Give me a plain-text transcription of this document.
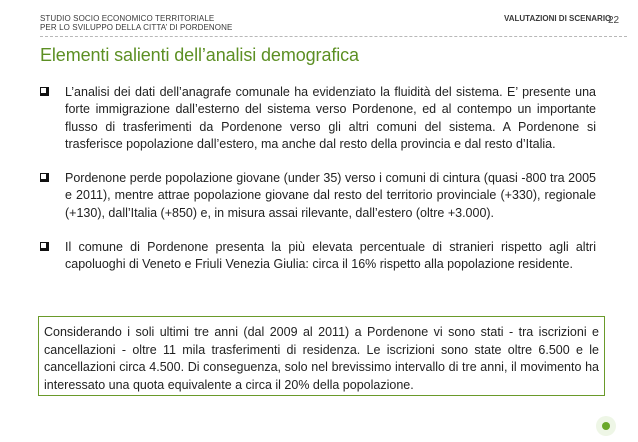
STUDIO SOCIO ECONOMICO TERRITORIALE
PER LO SVILUPPO DELLA CITTA’ DI PORDENONE
VALUTAZIONI DI SCENARIO
22
Elementi salienti dell’analisi demografica
L’analisi dei dati dell’anagrafe comunale ha evidenziato la fluidità del sistema. E’ presente una forte immigrazione dall’esterno del sistema verso Pordenone, ed al contempo un importante flusso di trasferimenti da Pordenone verso gli altri comuni del sistema. A Pordenone si trasferisce popolazione dall’estero, ma anche dal resto della provincia e dal resto d’Italia.
Pordenone perde popolazione giovane (under 35) verso i comuni di cintura (quasi -800 tra 2005 e 2011), mentre attrae popolazione giovane dal resto del territorio provinciale (+330), regionale (+130), dall’Italia (+850) e, in misura assai rilevante, dall’estero (oltre +3.000).
Il comune di Pordenone presenta la più elevata percentuale di stranieri rispetto agli altri capoluoghi di Veneto e Friuli Venezia Giulia: circa il 16% rispetto alla popolazione residente.
Considerando i soli ultimi tre anni (dal 2009 al 2011) a Pordenone vi sono stati - tra iscrizioni e cancellazioni - oltre 11 mila trasferimenti di residenza. Le iscrizioni sono state oltre 6.500 e le cancellazioni circa 4.500. Di conseguenza, solo nel brevissimo intervallo di tre anni, il movimento ha interessato una quota equivalente a circa il 20% della popolazione.
